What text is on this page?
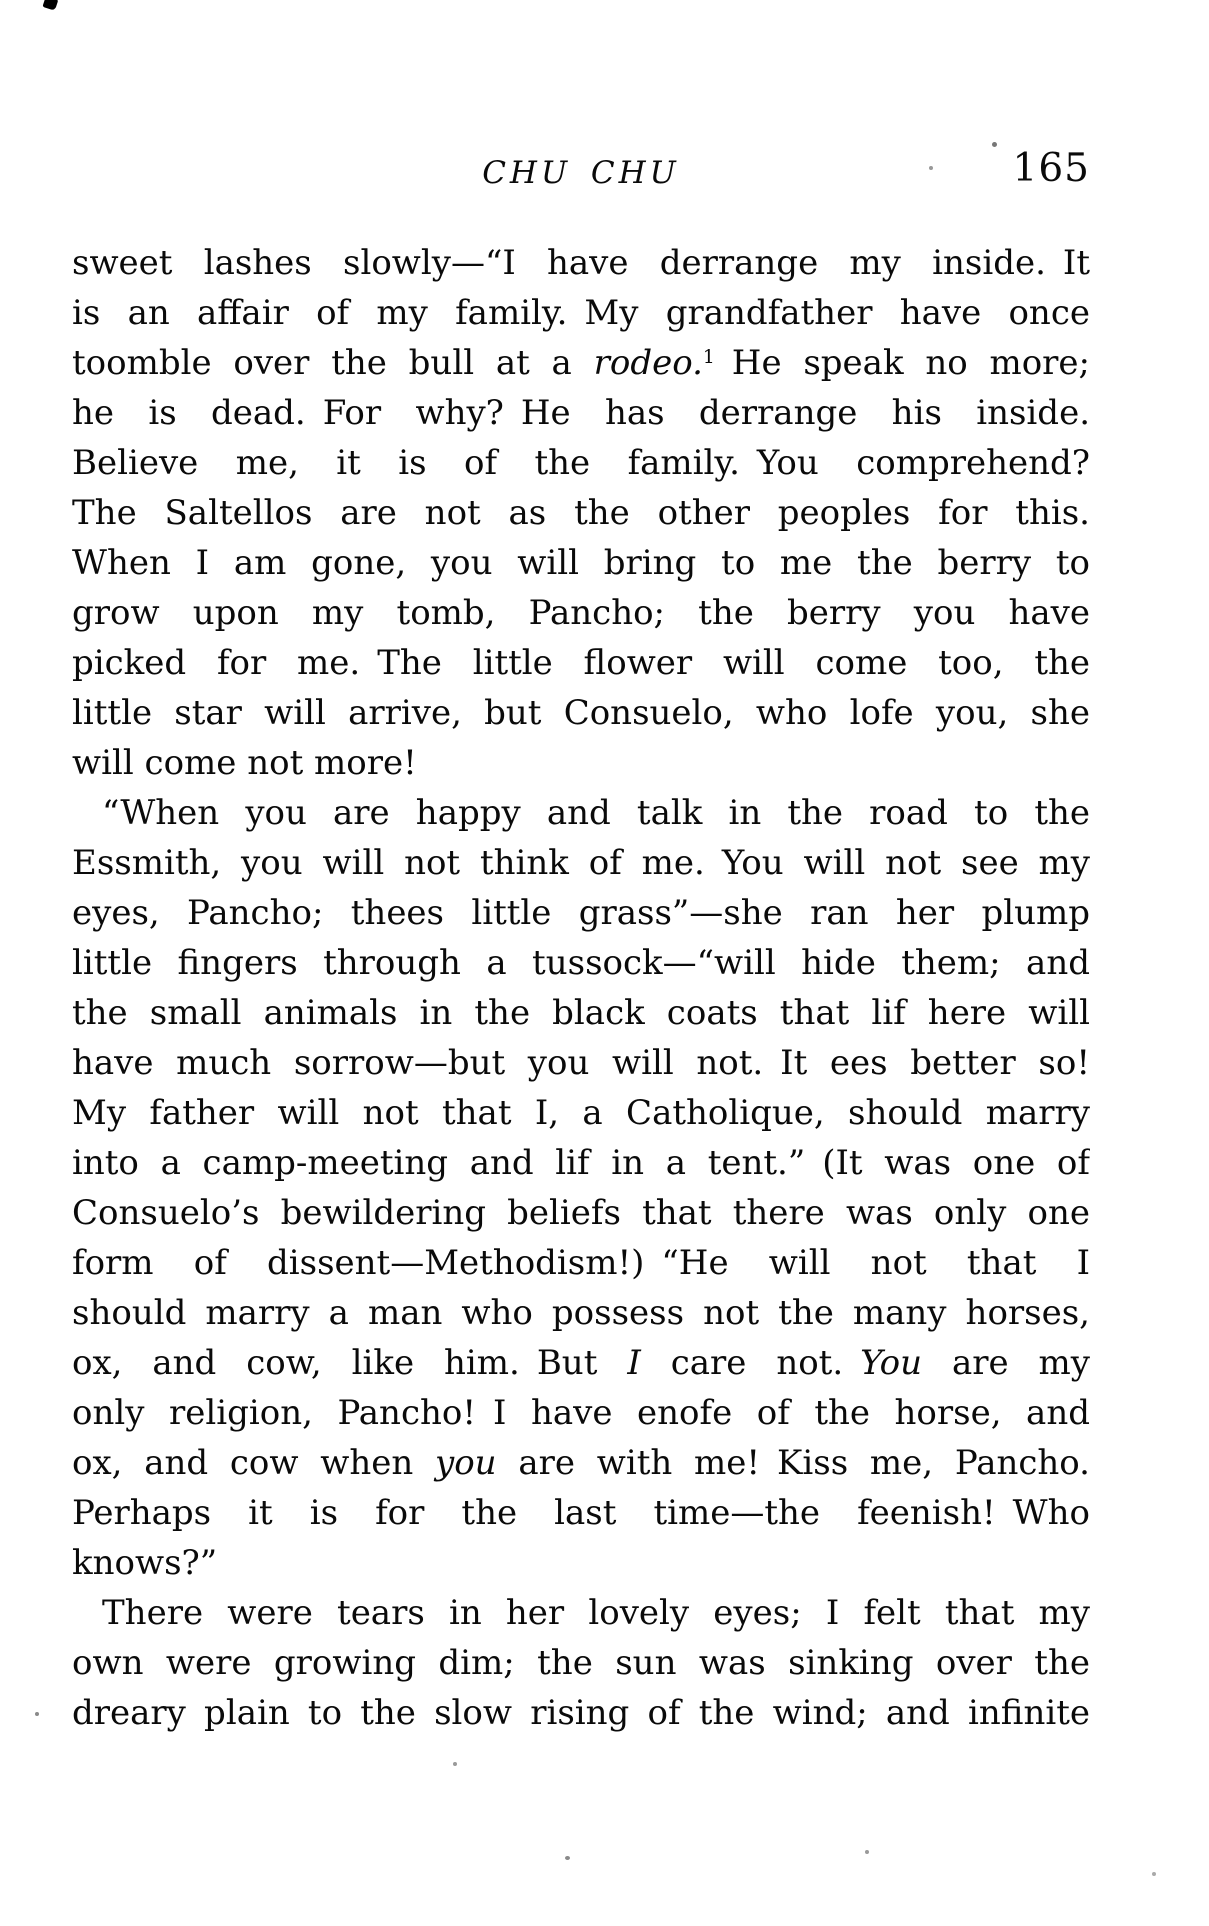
CHU CHU	165
sweet lashes slowly—“I have derrange my inside. It
is an affair of my family. My grandfather have once
toomble over the bull at a rodeo.$^1$ He speak no more;
he is dead. For why? He has derrange his inside.
Believe me, it is of the family. You comprehend?
The Saltellos are not as the other peoples for this.
When I am gone, you will bring to me the berry to
grow upon my tomb, Pancho; the berry you have
picked for me. The little flower will come too, the
little star will arrive, but Consuelo, who lofe you, she
will come not more!
“When you are happy and talk in the road to the
Essmith, you will not think of me. You will not see my
eyes, Pancho; thees little grass”—she ran her plump
little fingers through a tussock—“will hide them; and
the small animals in the black coats that lif here will
have much sorrow—but you will not. It ees better so!
My father will not that I, a Catholique, should marry
into a camp-meeting and lif in a tent.” (It was one of
Consuelo’s bewildering beliefs that there was only one
form of dissent—Methodism!) “He will not that I
should marry a man who possess not the many horses,
ox, and cow, like him. But I care not. You are my
only religion, Pancho! I have enofe of the horse, and
ox, and cow when you are with me! Kiss me, Pancho.
Perhaps it is for the last time—the feenish! Who
knows?”
There were tears in her lovely eyes; I felt that my
own were growing dim; the sun was sinking over the
dreary plain to the slow rising of the wind; and infinite
